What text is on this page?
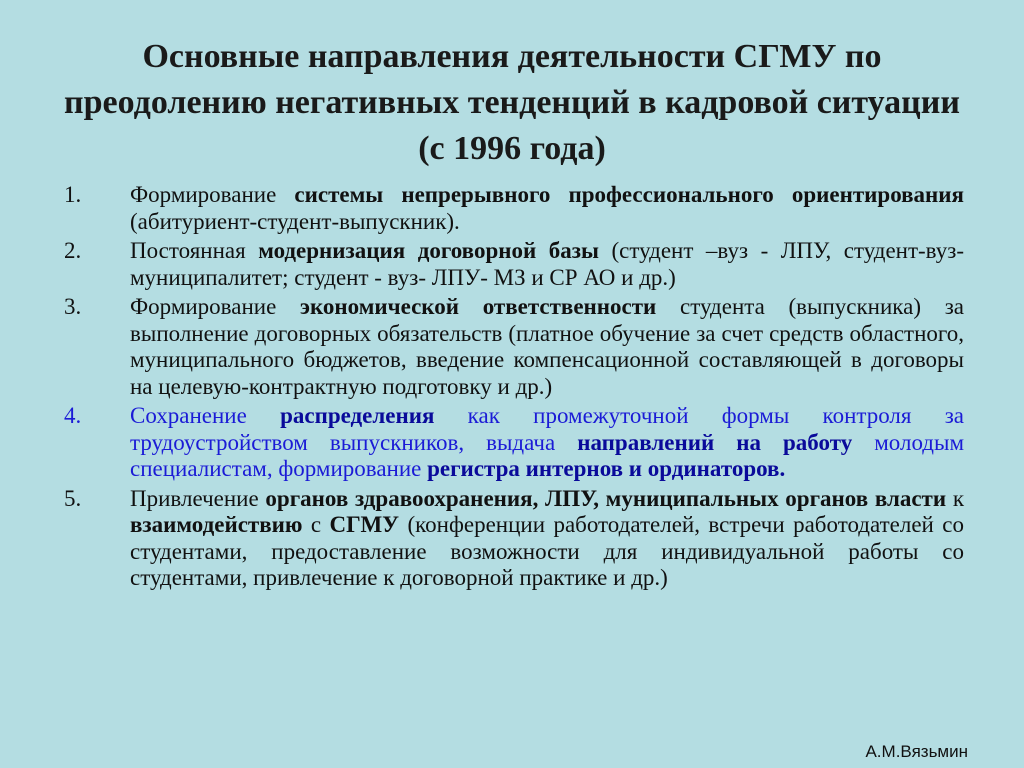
Основные направления деятельности СГМУ по преодолению негативных тенденций в кадровой ситуации (с 1996 года)
1. Формирование системы непрерывного профессионального ориентирования (абитуриент-студент-выпускник).
2. Постоянная модернизация договорной базы (студент –вуз - ЛПУ, студент-вуз-муниципалитет; студент - вуз- ЛПУ- МЗ и СР АО и др.)
3. Формирование экономической ответственности студента (выпускника) за выполнение договорных обязательств (платное обучение за счет средств областного, муниципального бюджетов, введение компенсационной составляющей в договоры на целевую-контрактную подготовку и др.)
4. Сохранение распределения как промежуточной формы контроля за трудоустройством выпускников, выдача направлений на работу молодым специалистам, формирование регистра интернов и ординаторов.
5. Привлечение органов здравоохранения, ЛПУ, муниципальных органов власти к взаимодействию с СГМУ (конференции работодателей, встречи работодателей со студентами, предоставление возможности для индивидуальной работы со студентами, привлечение к договорной практике и др.)
А.М.Вязьмин
